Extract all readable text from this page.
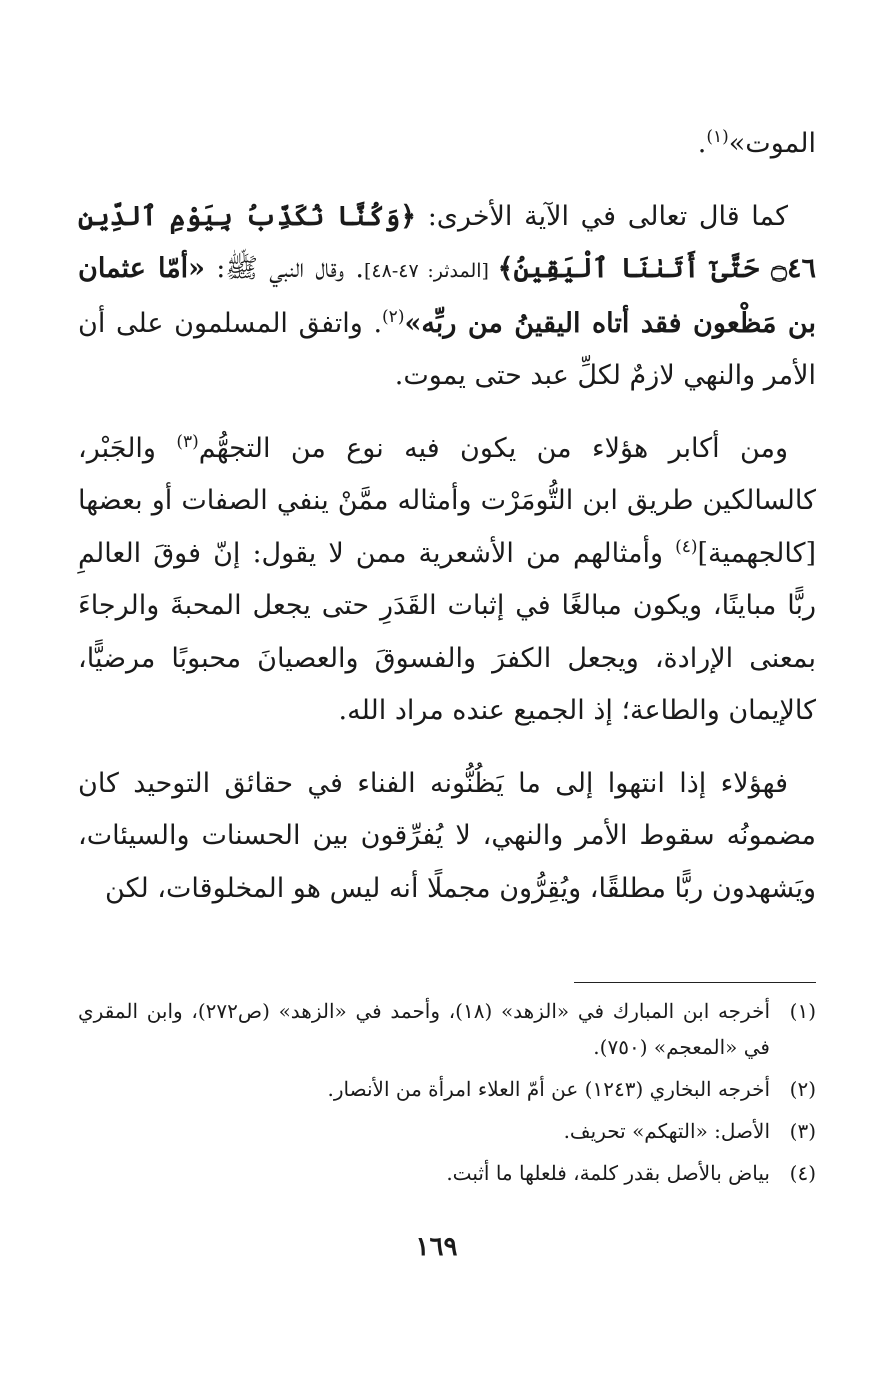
الموت»$^{(١)}$.

كما قال تعالى في الآية الأخرى: ﴿وَكُنَّا نُكَذِّبُ بِيَوْمِ ٱلدِّينِ ۝٤٦ حَتَّىٰٓ أَتَىٰنَا ٱلْيَقِينُ﴾ [المدثر: ٤٧-٤٨]. وقال النبي ﷺ: «أمّا عثمان بن مَظْعون فقد أتاه اليقينُ من ربِّه»$^{(٢)}$. واتفق المسلمون على أن الأمر والنهي لازمٌ لكلِّ عبد حتى يموت.

ومن أكابر هؤلاء من يكون فيه نوع من التجهُّم$^{(٣)}$ والجَبْر، كالسالكين طريق ابن التُّومَرْت وأمثاله ممَّنْ ينفي الصفات أو بعضها [كالجهمية]$^{(٤)}$ وأمثالهم من الأشعرية ممن لا يقول: إنّ فوقَ العالمِ ربًّا مباينًا، ويكون مبالغًا في إثبات القَدَرِ حتى يجعل المحبةَ والرجاءَ بمعنى الإرادة، ويجعل الكفرَ والفسوقَ والعصيانَ محبوبًا مرضيًّا، كالإيمان والطاعة؛ إذ الجميع عنده مراد الله.

فهؤلاء إذا انتهوا إلى ما يَظُنُّونه الفناء في حقائق التوحيد كان مضمونُه سقوط الأمر والنهي، لا يُفرِّقون بين الحسنات والسيئات، ويَشهدون ربًّا مطلقًا، ويُقِرُّون مجملًا أنه ليس هو المخلوقات، لكن

(١)
أخرجه ابن المبارك في «الزهد» (١٨)، وأحمد في «الزهد» (ص٢٧٢)، وابن المقري في «المعجم» (٧٥٠).
(٢)
أخرجه البخاري (١٢٤٣) عن أمّ العلاء امرأة من الأنصار.
(٣)
الأصل: «التهكم» تحريف.
(٤)
بياض بالأصل بقدر كلمة، فلعلها ما أثبت.
١٦٩
